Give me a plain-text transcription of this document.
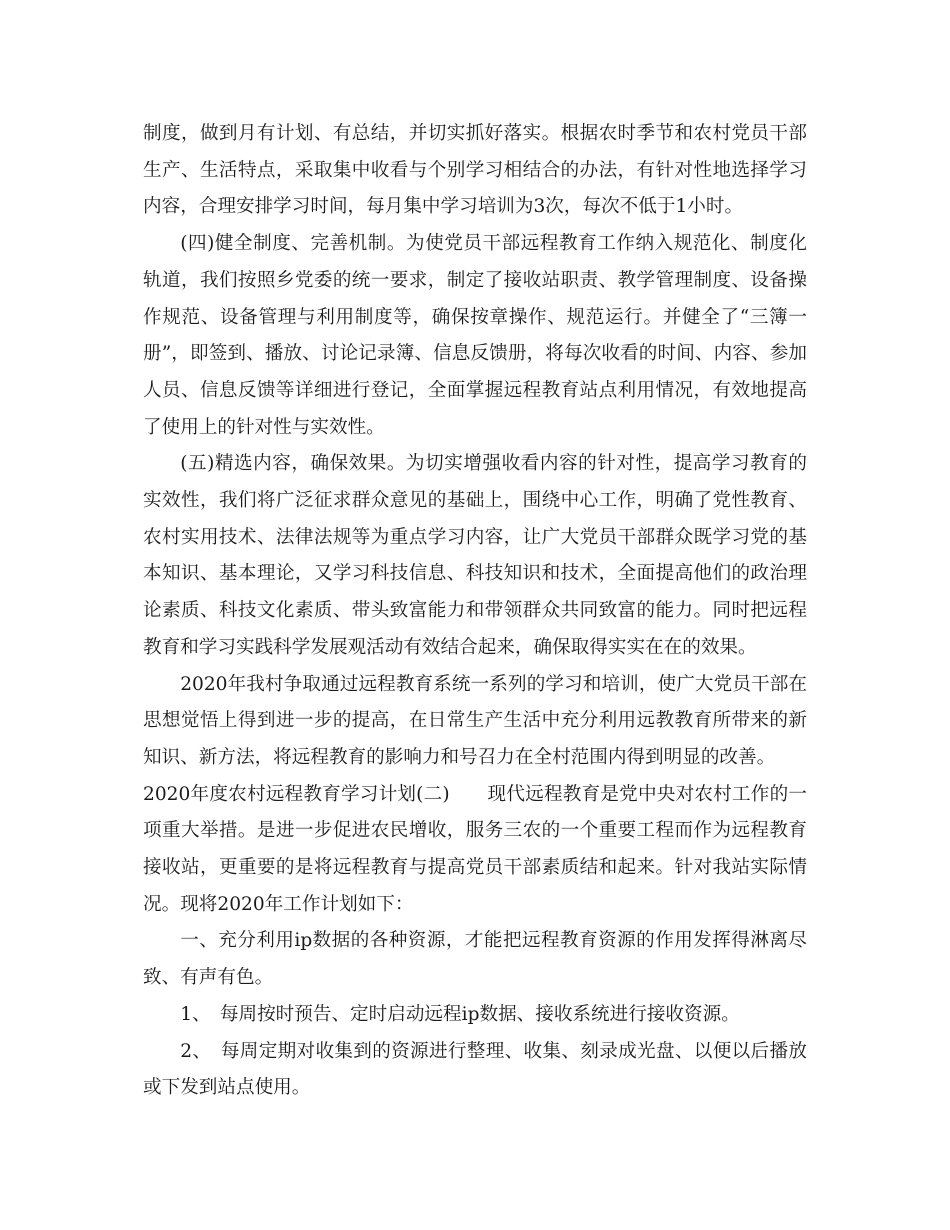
制度，做到月有计划、有总结，并切实抓好落实。根据农时季节和农村党员干部生产、生活特点，采取集中收看与个别学习相结合的办法，有针对性地选择学习内容，合理安排学习时间，每月集中学习培训为3次，每次不低于1小时。

(四)健全制度、完善机制。为使党员干部远程教育工作纳入规范化、制度化轨道，我们按照乡党委的统一要求，制定了接收站职责、教学管理制度、设备操作规范、设备管理与利用制度等，确保按章操作、规范运行。并健全了“三簿一册”，即签到、播放、讨论记录簿、信息反馈册，将每次收看的时间、内容、参加人员、信息反馈等详细进行登记，全面掌握远程教育站点利用情况，有效地提高了使用上的针对性与实效性。

(五)精选内容，确保效果。为切实增强收看内容的针对性，提高学习教育的实效性，我们将广泛征求群众意见的基础上，围绕中心工作，明确了党性教育、农村实用技术、法律法规等为重点学习内容，让广大党员干部群众既学习党的基本知识、基本理论，又学习科技信息、科技知识和技术，全面提高他们的政治理论素质、科技文化素质、带头致富能力和带领群众共同致富的能力。同时把远程教育和学习实践科学发展观活动有效结合起来，确保取得实实在在的效果。

2020年我村争取通过远程教育系统一系列的学习和培训，使广大党员干部在思想觉悟上得到进一步的提高，在日常生产生活中充分利用远教教育所带来的新知识、新方法，将远程教育的影响力和号召力在全村范围内得到明显的改善。

2020年度农村远程教育学习计划(二)　　 现代远程教育是党中央对农村工作的一项重大举措。是进一步促进农民增收，服务三农的一个重要工程而作为远程教育接收站，更重要的是将远程教育与提高党员干部素质结和起来。针对我站实际情况。现将2020年工作计划如下：

一、充分利用ip数据的各种资源，才能把远程教育资源的作用发挥得淋离尽致、有声有色。

1、　每周按时预告、定时启动远程ip数据、接收系统进行接收资源。

2、　每周定期对收集到的资源进行整理、收集、刻录成光盘、以便以后播放或下发到站点使用。
